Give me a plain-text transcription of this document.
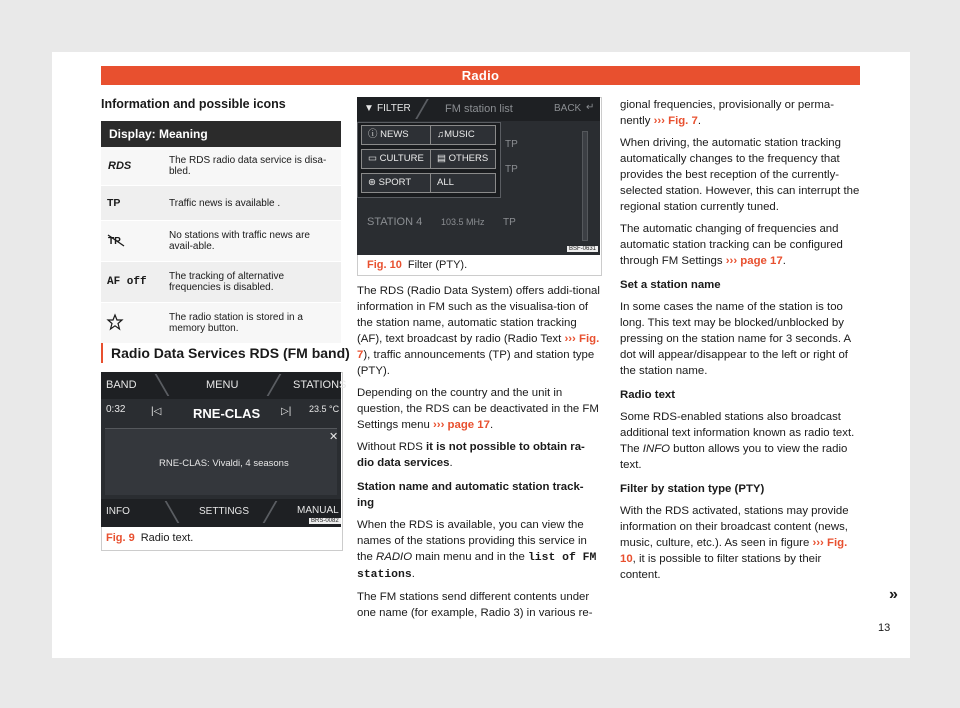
Radio
Information and possible icons
Display: Meaning	

RDS	The RDS radio data service is disa-bled.
TP	Traffic news is available .

TP	No stations with traffic news are avail-able.
AF off	The tracking of alternative frequencies is disabled.
	The radio station is stored in a memory button.
Radio Data Services RDS (FM band)
BAND	MENU	STATIONS
0:32	|◁ RNE-CLAS ▷| 23.5 °C
✕
RNE-CLAS: Vivaldi, 4 seasons
INFO	SETTINGS	MANUAL
BRS-0082
Fig. 9 Radio text.
▼ FILTER	FM station list	BACK ↵
TP
TP
STATION 4 103.5 MHz TP
BSF-0631
ⓘ NEWS	♫MUSIC
▭ CULTURE	▤ OTHERS
⊛ SPORT	ALL
Fig. 10 Filter (PTY).

The RDS (Radio Data System) offers addi-tional information in FM such as the visualisa-tion of the station name, automatic station tracking (AF), text broadcast by radio (Radio Text ››› Fig. 7), traffic announcements (TP) and station type (PTY).

Depending on the country and the unit in question, the RDS can be deactivated in the FM Settings menu ››› page 17.

Without RDS it is not possible to obtain ra-dio data services.

Station name and automatic station track-ing

When the RDS is available, you can view the names of the stations providing this service in the RADIO main menu and in the list of FM stations.

The FM stations send different contents under one name (for example, Radio 3) in various re-

gional frequencies, provisionally or perma-nently ››› Fig. 7.

When driving, the automatic station tracking automatically changes to the frequency that provides the best reception of the currently-selected station. However, this can interrupt the regional station currently tuned.

The automatic changing of frequencies and automatic station tracking can be configured through FM Settings ››› page 17.

Set a station name

In some cases the name of the station is too long. This text may be blocked/unblocked by pressing on the station name for 3 seconds. A dot will appear/disappear to the left or right of the station name.

Radio text

Some RDS-enabled stations also broadcast additional text information known as radio text. The INFO button allows you to view the radio text.

Filter by station type (PTY)

With the RDS activated, stations may provide information on their broadcast content (news, music, culture, etc.). As seen in figure ››› Fig. 10, it is possible to filter stations by their content.

»
13
